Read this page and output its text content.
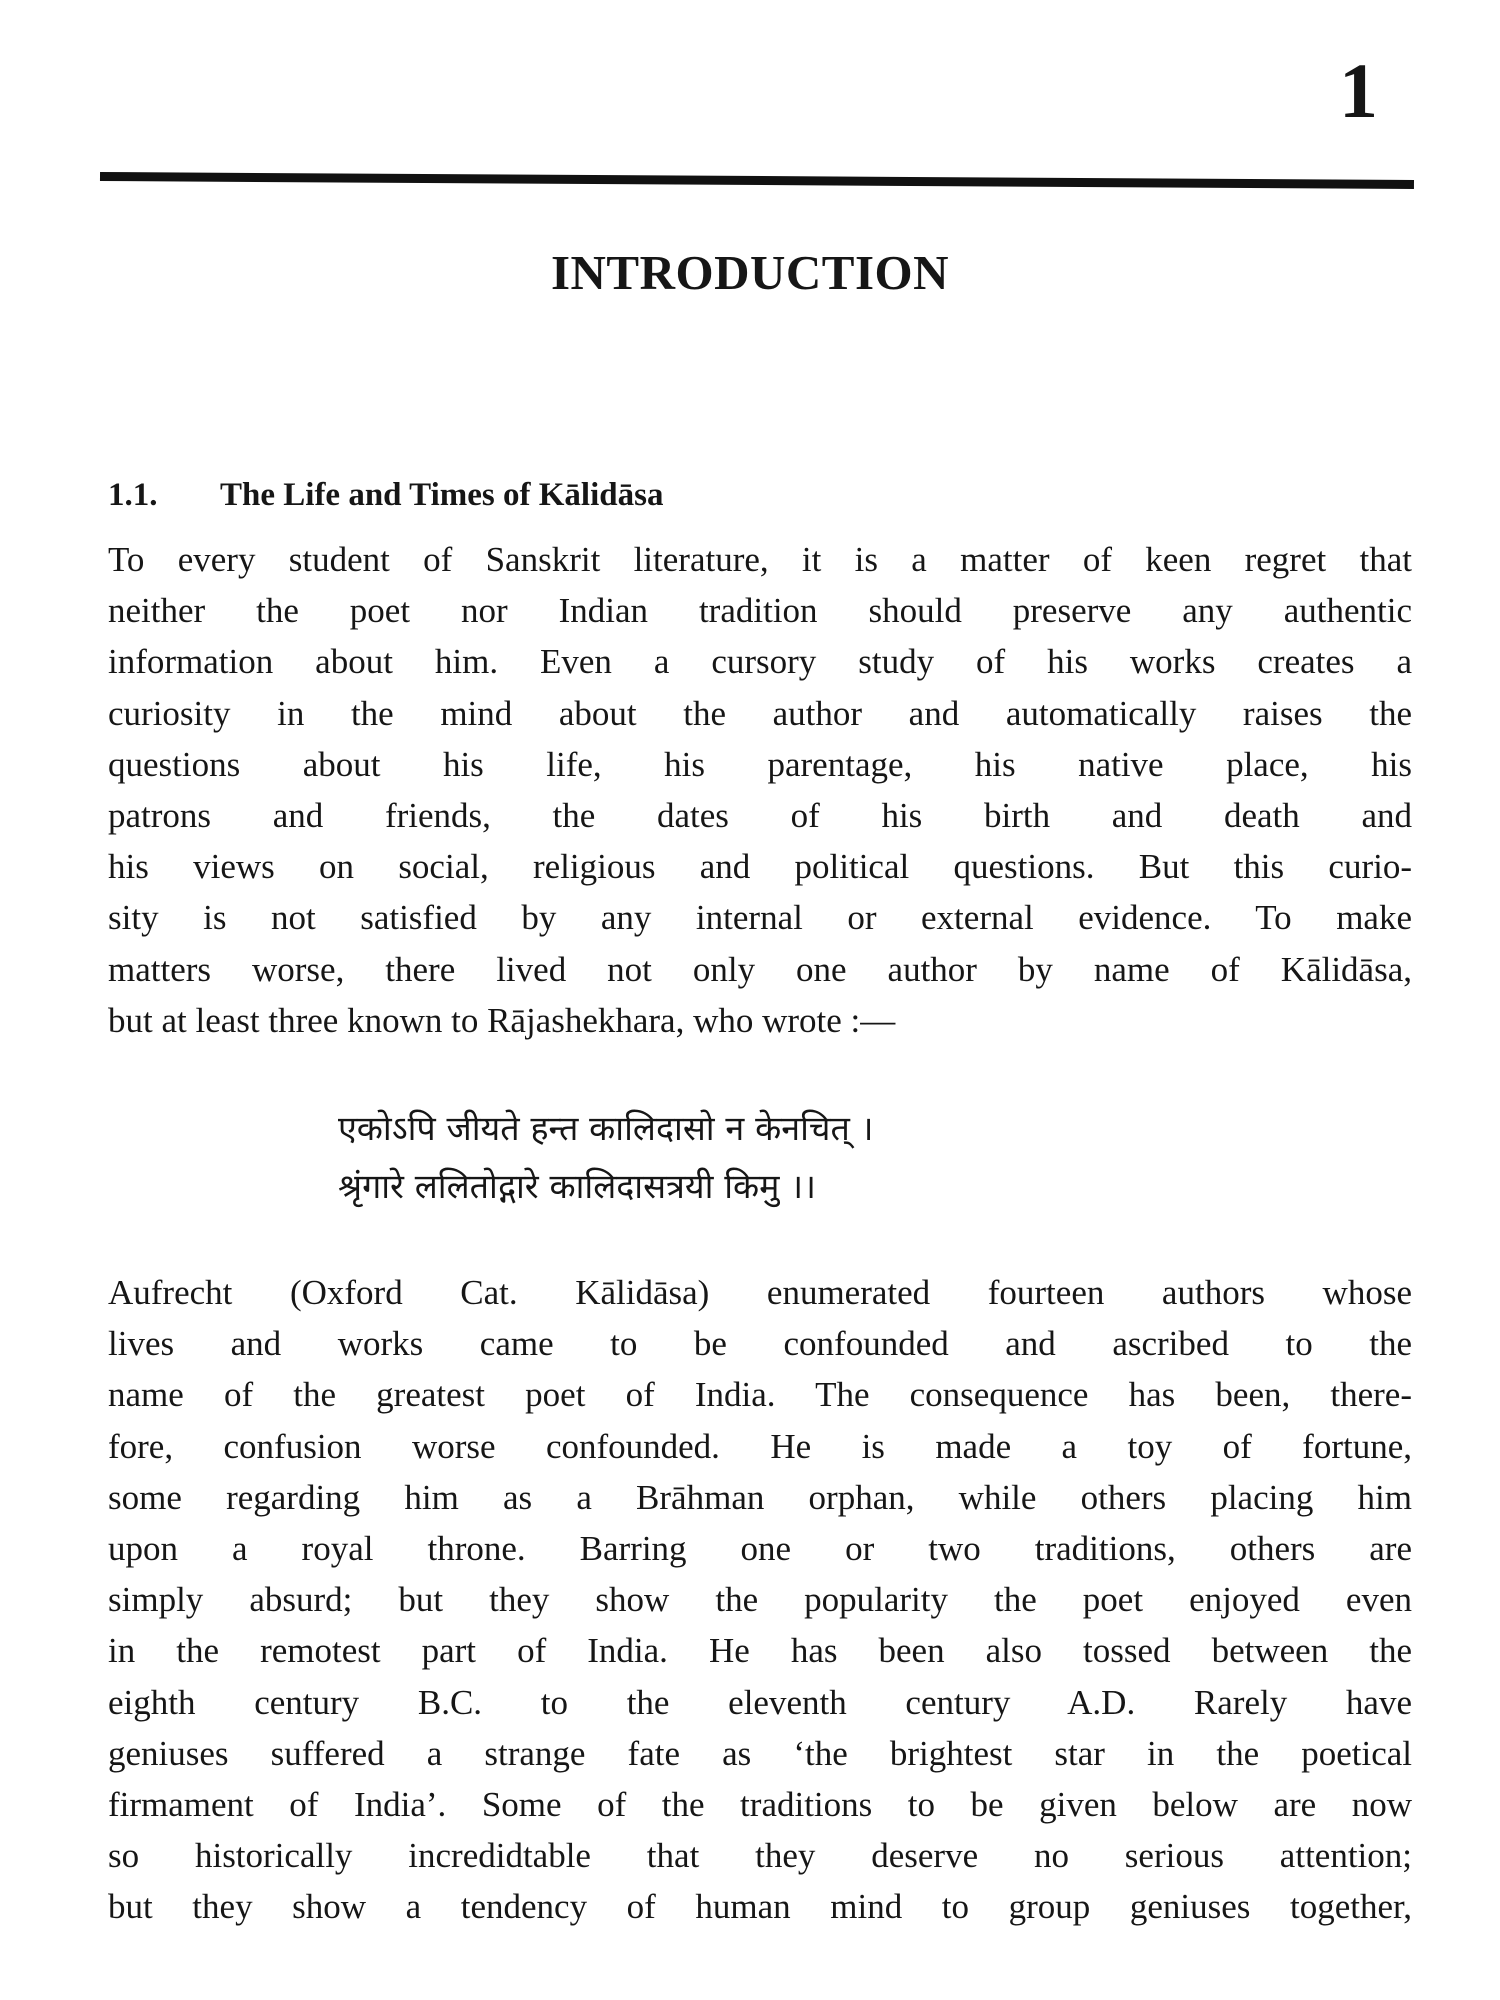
1
INTRODUCTION
1.1. The Life and Times of Kālidāsa

To every student of Sanskrit literature, it is a matter of keen regret that
neither the poet nor Indian tradition should preserve any authentic
information about him. Even a cursory study of his works creates a
curiosity in the mind about the author and automatically raises the
questions about his life, his parentage, his native place, his
patrons and friends, the dates of his birth and death and
his views on social, religious and political questions. But this curio-
sity is not satisfied by any internal or external evidence. To make
matters worse, there lived not only one author by name of Kālidāsa,
but at least three known to Rājashekhara, who wrote :—

एकोऽपि जीयते हन्त कालिदासो न केनचित् ।
श्रृंगारे ललितोद्गारे कालिदासत्रयी किमु ।।

Aufrecht (Oxford Cat. Kālidāsa) enumerated fourteen authors whose
lives and works came to be confounded and ascribed to the
name of the greatest poet of India. The consequence has been, there-
fore, confusion worse confounded. He is made a toy of fortune,
some regarding him as a Brāhman orphan, while others placing him
upon a royal throne. Barring one or two traditions, others are
simply absurd; but they show the popularity the poet enjoyed even
in the remotest part of India. He has been also tossed between the
eighth century B.C. to the eleventh century A.D. Rarely have
geniuses suffered a strange fate as ‘the brightest star in the poetical
firmament of India’. Some of the traditions to be given below are now
so historically incredidtable that they deserve no serious attention;
but they show a tendency of human mind to group geniuses together,
